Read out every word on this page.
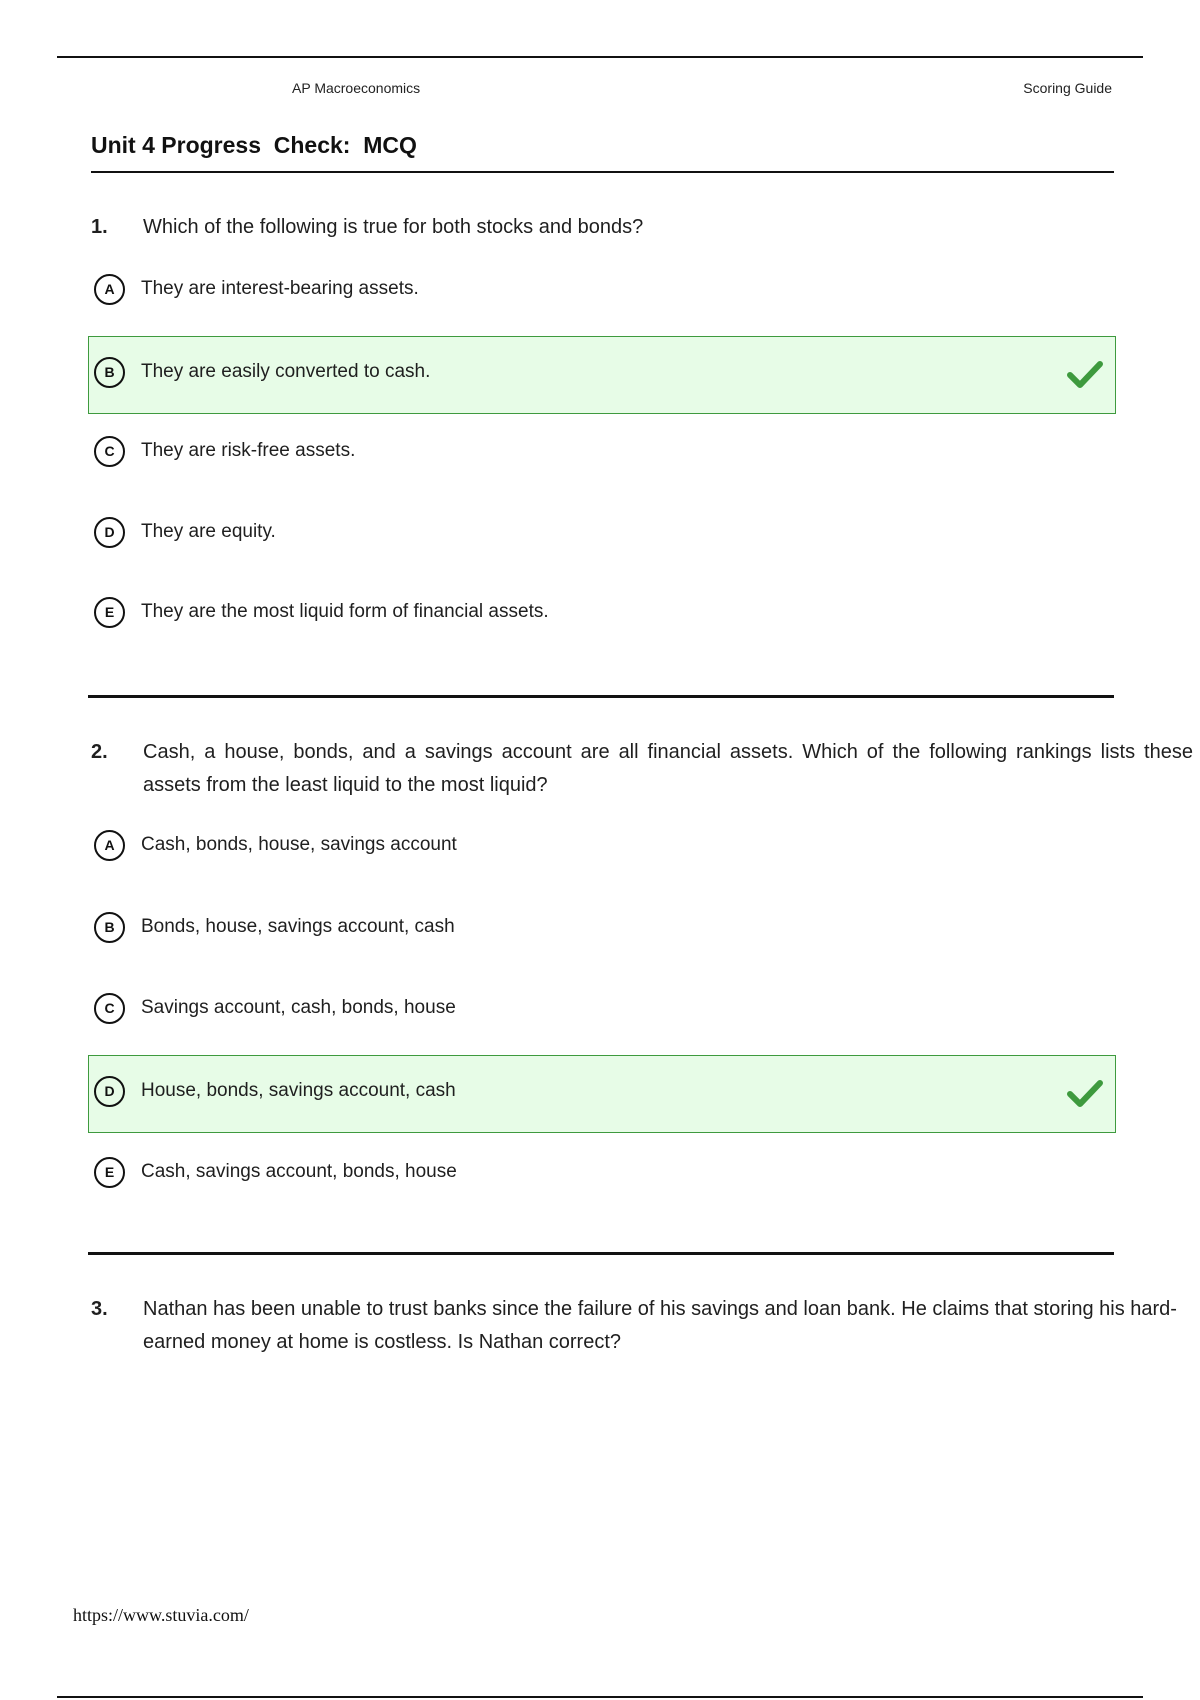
AP Macroeconomics	Scoring Guide
Unit 4 Progress  Check:  MCQ
1. Which of the following is true for both stocks and bonds?
A	They are interest-bearing assets.
B	They are easily converted to cash.
C	They are risk-free assets.
D	They are equity.
E	They are the most liquid form of financial assets.
2. Cash, a house, bonds, and a savings account are all financial assets. Which of the following rankings lists these assets from the least liquid to the most liquid?
A	Cash, bonds, house, savings account
B	Bonds, house, savings account, cash
C	Savings account, cash, bonds, house
D	House, bonds, savings account, cash
E	Cash, savings account, bonds, house
3. Nathan has been unable to trust banks since the failure of his savings and loan bank. He claims that storing his hard-earned money at home is costless. Is Nathan correct?
https://www.stuvia.com/
